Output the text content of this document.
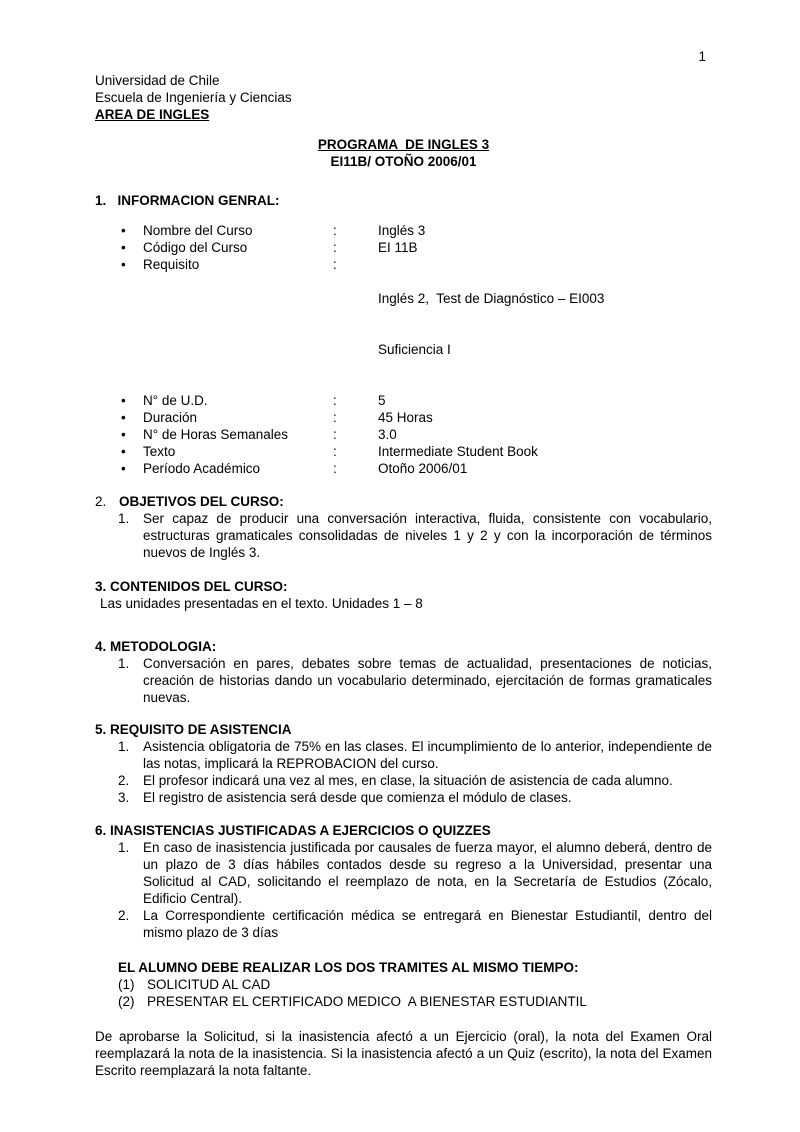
1
Universidad de Chile
Escuela de Ingeniería y Ciencias
AREA DE INGLES
PROGRAMA  DE INGLES 3
EI11B/ OTOÑO 2006/01
1.   INFORMACION GENRAL:
•	Nombre del Curso	:	Inglés 3
•	Código del Curso	:	EI 11B
•	Requisito	:

Inglés 2,  Test de Diagnóstico – EI003

Suficiencia I

•	N° de U.D.	:	5
•	Duración	:	45 Horas
•	N° de Horas Semanales	:	3.0
•	Texto	:	Intermediate Student Book
•	Período Académico	:	Otoño 2006/01
2. OBJETIVOS DEL CURSO:
1.	Ser capaz de producir una conversación interactiva, fluida, consistente con vocabulario, estructuras gramaticales consolidadas de niveles 1 y 2 y con la incorporación de términos nuevos de Inglés 3.
3. CONTENIDOS DEL CURSO:
Las unidades presentadas en el texto. Unidades 1 – 8
4. METODOLOGIA:
1.	Conversación en pares, debates sobre temas de actualidad, presentaciones de noticias, creación de historias dando un vocabulario determinado, ejercitación de formas gramaticales nuevas.
5. REQUISITO DE ASISTENCIA
1.	Asistencia obligatoria de 75% en las clases. El incumplimiento de lo anterior, independiente de las notas, implicará la REPROBACION del curso.
2.	El profesor indicará una vez al mes, en clase, la situación de asistencia de cada alumno.
3.	El registro de asistencia será desde que comienza el módulo de clases.
6. INASISTENCIAS JUSTIFICADAS A EJERCICIOS O QUIZZES
1.	En caso de inasistencia justificada por causales de fuerza mayor, el alumno deberá, dentro de un plazo de 3 días hábiles contados desde su regreso a la Universidad, presentar una Solicitud al CAD, solicitando el reemplazo de nota, en la Secretaría de Estudios (Zócalo, Edificio Central).
2.	La Correspondiente certificación médica se entregará en Bienestar Estudiantil, dentro del mismo plazo de 3 días
EL ALUMNO DEBE REALIZAR LOS DOS TRAMITES AL MISMO TIEMPO:
(1) SOLICITUD AL CAD
(2) PRESENTAR EL CERTIFICADO MEDICO  A BIENESTAR ESTUDIANTIL
De aprobarse la Solicitud, si la inasistencia afectó a un Ejercicio (oral), la nota del Examen Oral reemplazará la nota de la inasistencia. Si la inasistencia afectó a un Quiz (escrito), la nota del Examen Escrito reemplazará la nota faltante.
